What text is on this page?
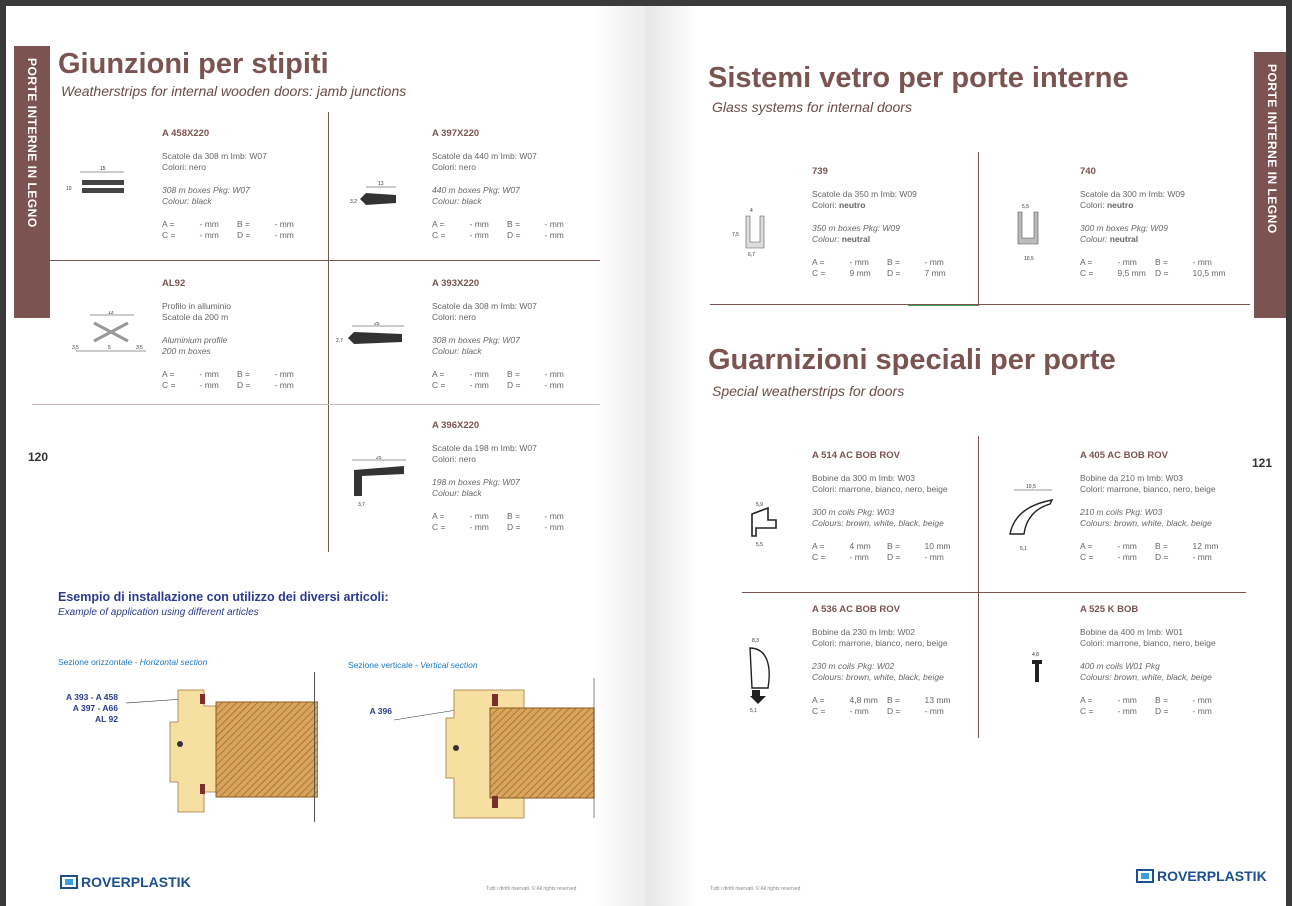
PORTE INTERNE IN LEGNO Giunzioni per stipiti
Weatherstrips for internal wooden doors: jamb junctions
120
10
15
3,2
13
3,5	5	3,5
13
2,7
25
25
3,7
A 458X220

Scatole da 308 m Imb: W07

Colori: nero

308 m boxes Pkg: W07

Colour: black

A =	- mm	B =	- mm
C =	- mm	D =	- mm
A 397X220

Scatole da 440 m Imb: W07

Colori: nero

440 m boxes Pkg: W07

Colour: black

A =	- mm	B =	- mm
C =	- mm	D =	- mm
AL92

Profilo in alluminio

Scatole da 200 m

Aluminium profile

200 m boxes

A =	- mm	B =	- mm
C =	- mm	D =	- mm
A 393X220

Scatole da 308 m Imb: W07

Colori: nero

308 m boxes Pkg: W07

Colour: black

A =	- mm	B =	- mm
C =	- mm	D =	- mm
A 396X220

Scatole da 198 m Imb: W07

Colori: nero

198 m boxes Pkg: W07

Colour: black

A =	- mm	B =	- mm
C =	- mm	D =	- mm
Esempio di installazione con utilizzo dei diversi articoli:
Example of application using different articles
Sezione orizzontale - Horizontal section	Sezione verticale - Vertical section
A 393 - A 458
A 397 - A66
AL 92
A 396
ROVERPLASTIK	Tutti i diritti riservati. © All rights reserved
PORTE INTERNE IN LEGNO
Sistemi vetro per porte interne
Glass systems for internal doors
Guarnizioni speciali per porte
Special weatherstrips for doors
121
7,5
4
6,7
5,5
10,5
5,9
5,5
10,5
5,1
8,3
5,1
4,8
739

Scatole da 350 m Imb: W09

Colori: neutro

350 m boxes Pkg: W09

Colour: neutral

A =	- mm	B =	- mm
C =	9 mm	D =	7 mm
740

Scatole da 300 m Imb: W09

Colori: neutro

300 m boxes Pkg: W09

Colour: neutral

A =	- mm	B =	- mm
C =	9,5 mm	D =	10,5 mm
A 514 AC BOB ROV

Bobine da 300 m Imb: W03

Colori: marrone, bianco, nero, beige

300 m coils Pkg: W03

Colours: brown, white, black, beige

A =	4 mm	B =	10 mm
C =	- mm	D =	- mm
A 405 AC BOB ROV

Bobine da 210 m Imb: W03

Colori: marrone, bianco, nero, beige

210 m coils Pkg: W03

Colours: brown, white, black, beige

A =	- mm	B =	12 mm
C =	- mm	D =	- mm
A 536 AC BOB ROV

Bobine da 230 m Imb: W02

Colori: marrone, bianco, nero, beige

230 m coils Pkg: W02

Colours: brown, white, black, beige

A =	4,8 mm	B =	13 mm
C =	- mm	D =	- mm
A 525 K BOB

Bobine da 400 m Imb: W01

Colori: marrone, bianco, nero, beige

400 m coils W01 Pkg

Colours: brown, white, black, beige

A =	- mm	B =	- mm
C =	- mm	D =	- mm
Tutti i diritti riservati. © All rights reserved
ROVERPLASTIK
